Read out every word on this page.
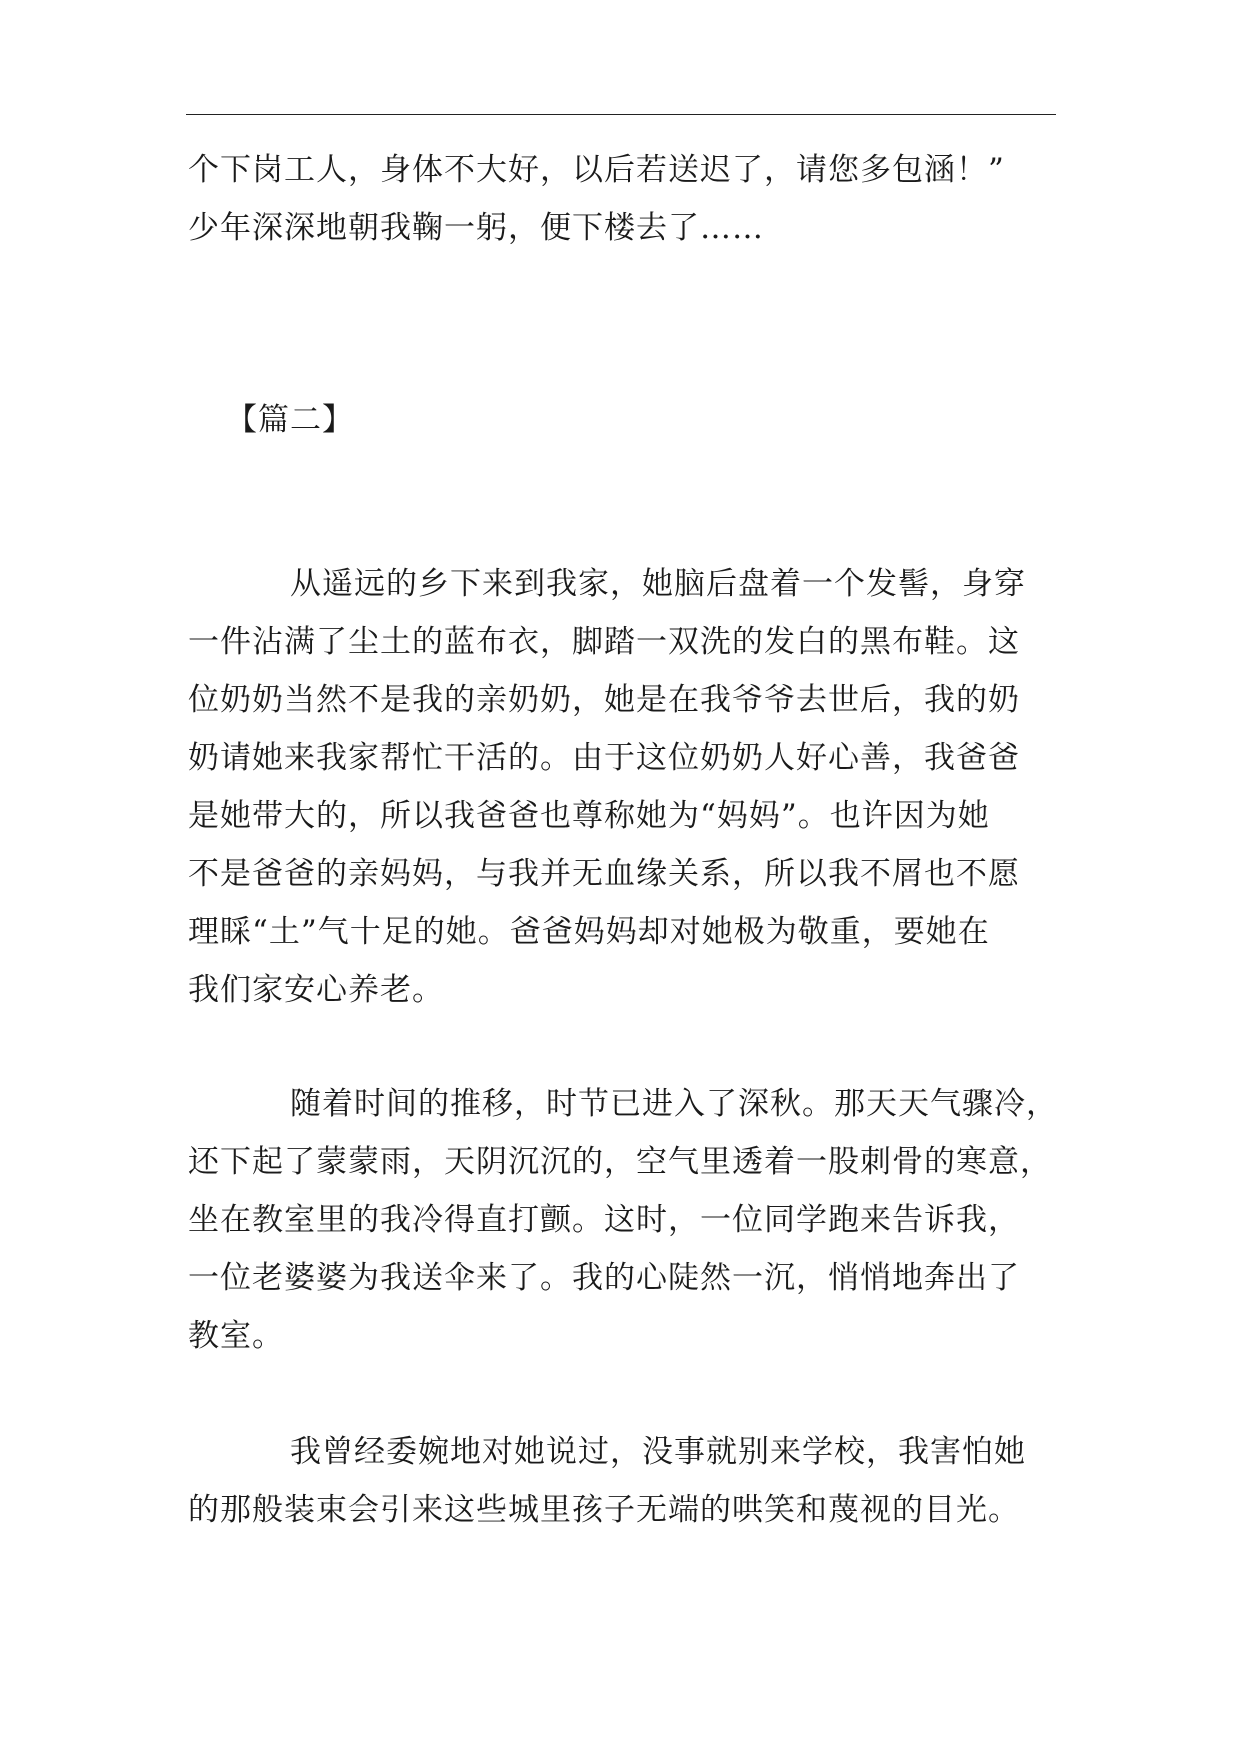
个下岗工人，身体不大好，以后若送迟了，请您多包涵！”

少年深深地朝我鞠一躬，便下楼去了……

【篇二】

从遥远的乡下来到我家，她脑后盘着一个发髻，身穿

一件沾满了尘土的蓝布衣，脚踏一双洗的发白的黑布鞋。这

位奶奶当然不是我的亲奶奶，她是在我爷爷去世后，我的奶

奶请她来我家帮忙干活的。由于这位奶奶人好心善，我爸爸

是她带大的，所以我爸爸也尊称她为“妈妈”。也许因为她

不是爸爸的亲妈妈，与我并无血缘关系，所以我不屑也不愿

理睬“土”气十足的她。爸爸妈妈却对她极为敬重，要她在

我们家安心养老。

随着时间的推移，时节已进入了深秋。那天天气骤冷，

还下起了蒙蒙雨，天阴沉沉的，空气里透着一股刺骨的寒意，

坐在教室里的我冷得直打颤。这时，一位同学跑来告诉我，

一位老婆婆为我送伞来了。我的心陡然一沉，悄悄地奔出了

教室。

我曾经委婉地对她说过，没事就别来学校，我害怕她

的那般装束会引来这些城里孩子无端的哄笑和蔑视的目光。
